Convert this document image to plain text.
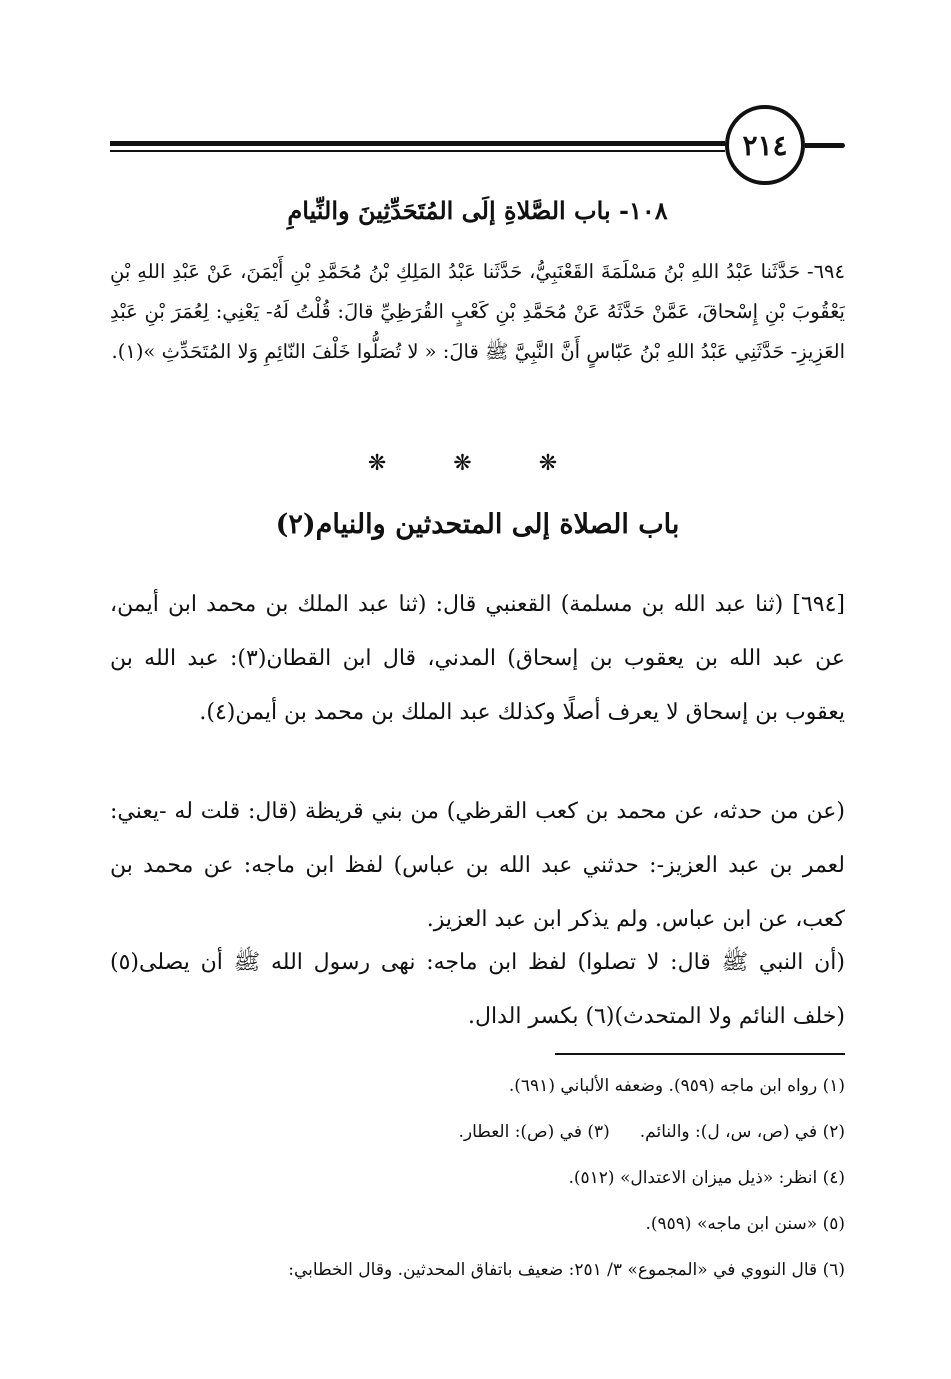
٢١٤
١٠٨- باب الصَّلاةِ إلَى المُتَحَدِّثِينَ والنِّيامِ

٦٩٤- حَدَّثَنا عَبْدُ اللهِ بْنُ مَسْلَمَةَ القَعْنَبِيُّ، حَدَّثَنا عَبْدُ المَلِكِ بْنُ مُحَمَّدِ بْنِ أَيْمَنَ، عَنْ عَبْدِ اللهِ بْنِ يَعْقُوبَ بْنِ إِسْحاقَ، عَمَّنْ حَدَّثَهُ عَنْ مُحَمَّدِ بْنِ كَعْبٍ القُرَظِيِّ قالَ: قُلْتُ لَهُ- يَعْنِي: لِعُمَرَ بْنِ عَبْدِ العَزِيزِ- حَدَّثَنِي عَبْدُ اللهِ بْنُ عَبّاسٍ أَنَّ النَّبِيَّ ﷺ قالَ: « لا تُصَلُّوا خَلْفَ النّائِمِ وَلا المُتَحَدِّثِ »(١).

❋ ❋ ❋

باب الصلاة إلى المتحدثين والنيام(٢)

[٦٩٤] (ثنا عبد الله بن مسلمة) القعنبي قال: (ثنا عبد الملك بن محمد ابن أيمن، عن عبد الله بن يعقوب بن إسحاق) المدني، قال ابن القطان(٣): عبد الله بن يعقوب بن إسحاق لا يعرف أصلًا وكذلك عبد الملك بن محمد بن أيمن(٤).

(عن من حدثه، عن محمد بن كعب القرظي) من بني قريظة (قال: قلت له -يعني: لعمر بن عبد العزيز-: حدثني عبد الله بن عباس) لفظ ابن ماجه: عن محمد بن كعب، عن ابن عباس. ولم يذكر ابن عبد العزيز.

(أن النبي ﷺ قال: لا تصلوا) لفظ ابن ماجه: نهى رسول الله ﷺ أن يصلى(٥) (خلف النائم ولا المتحدث)(٦) بكسر الدال.

(١) رواه ابن ماجه (٩٥٩). وضعفه الألباني (٦٩١).
(٢) في (ص، س، ل): والنائم.(٣) في (ص): العطار.
(٤) انظر: «ذيل ميزان الاعتدال» (٥١٢).
(٥) «سنن ابن ماجه» (٩٥٩).
(٦) قال النووي في «المجموع» ٣/ ٢٥١: ضعيف باتفاق المحدثين. وقال الخطابي:
